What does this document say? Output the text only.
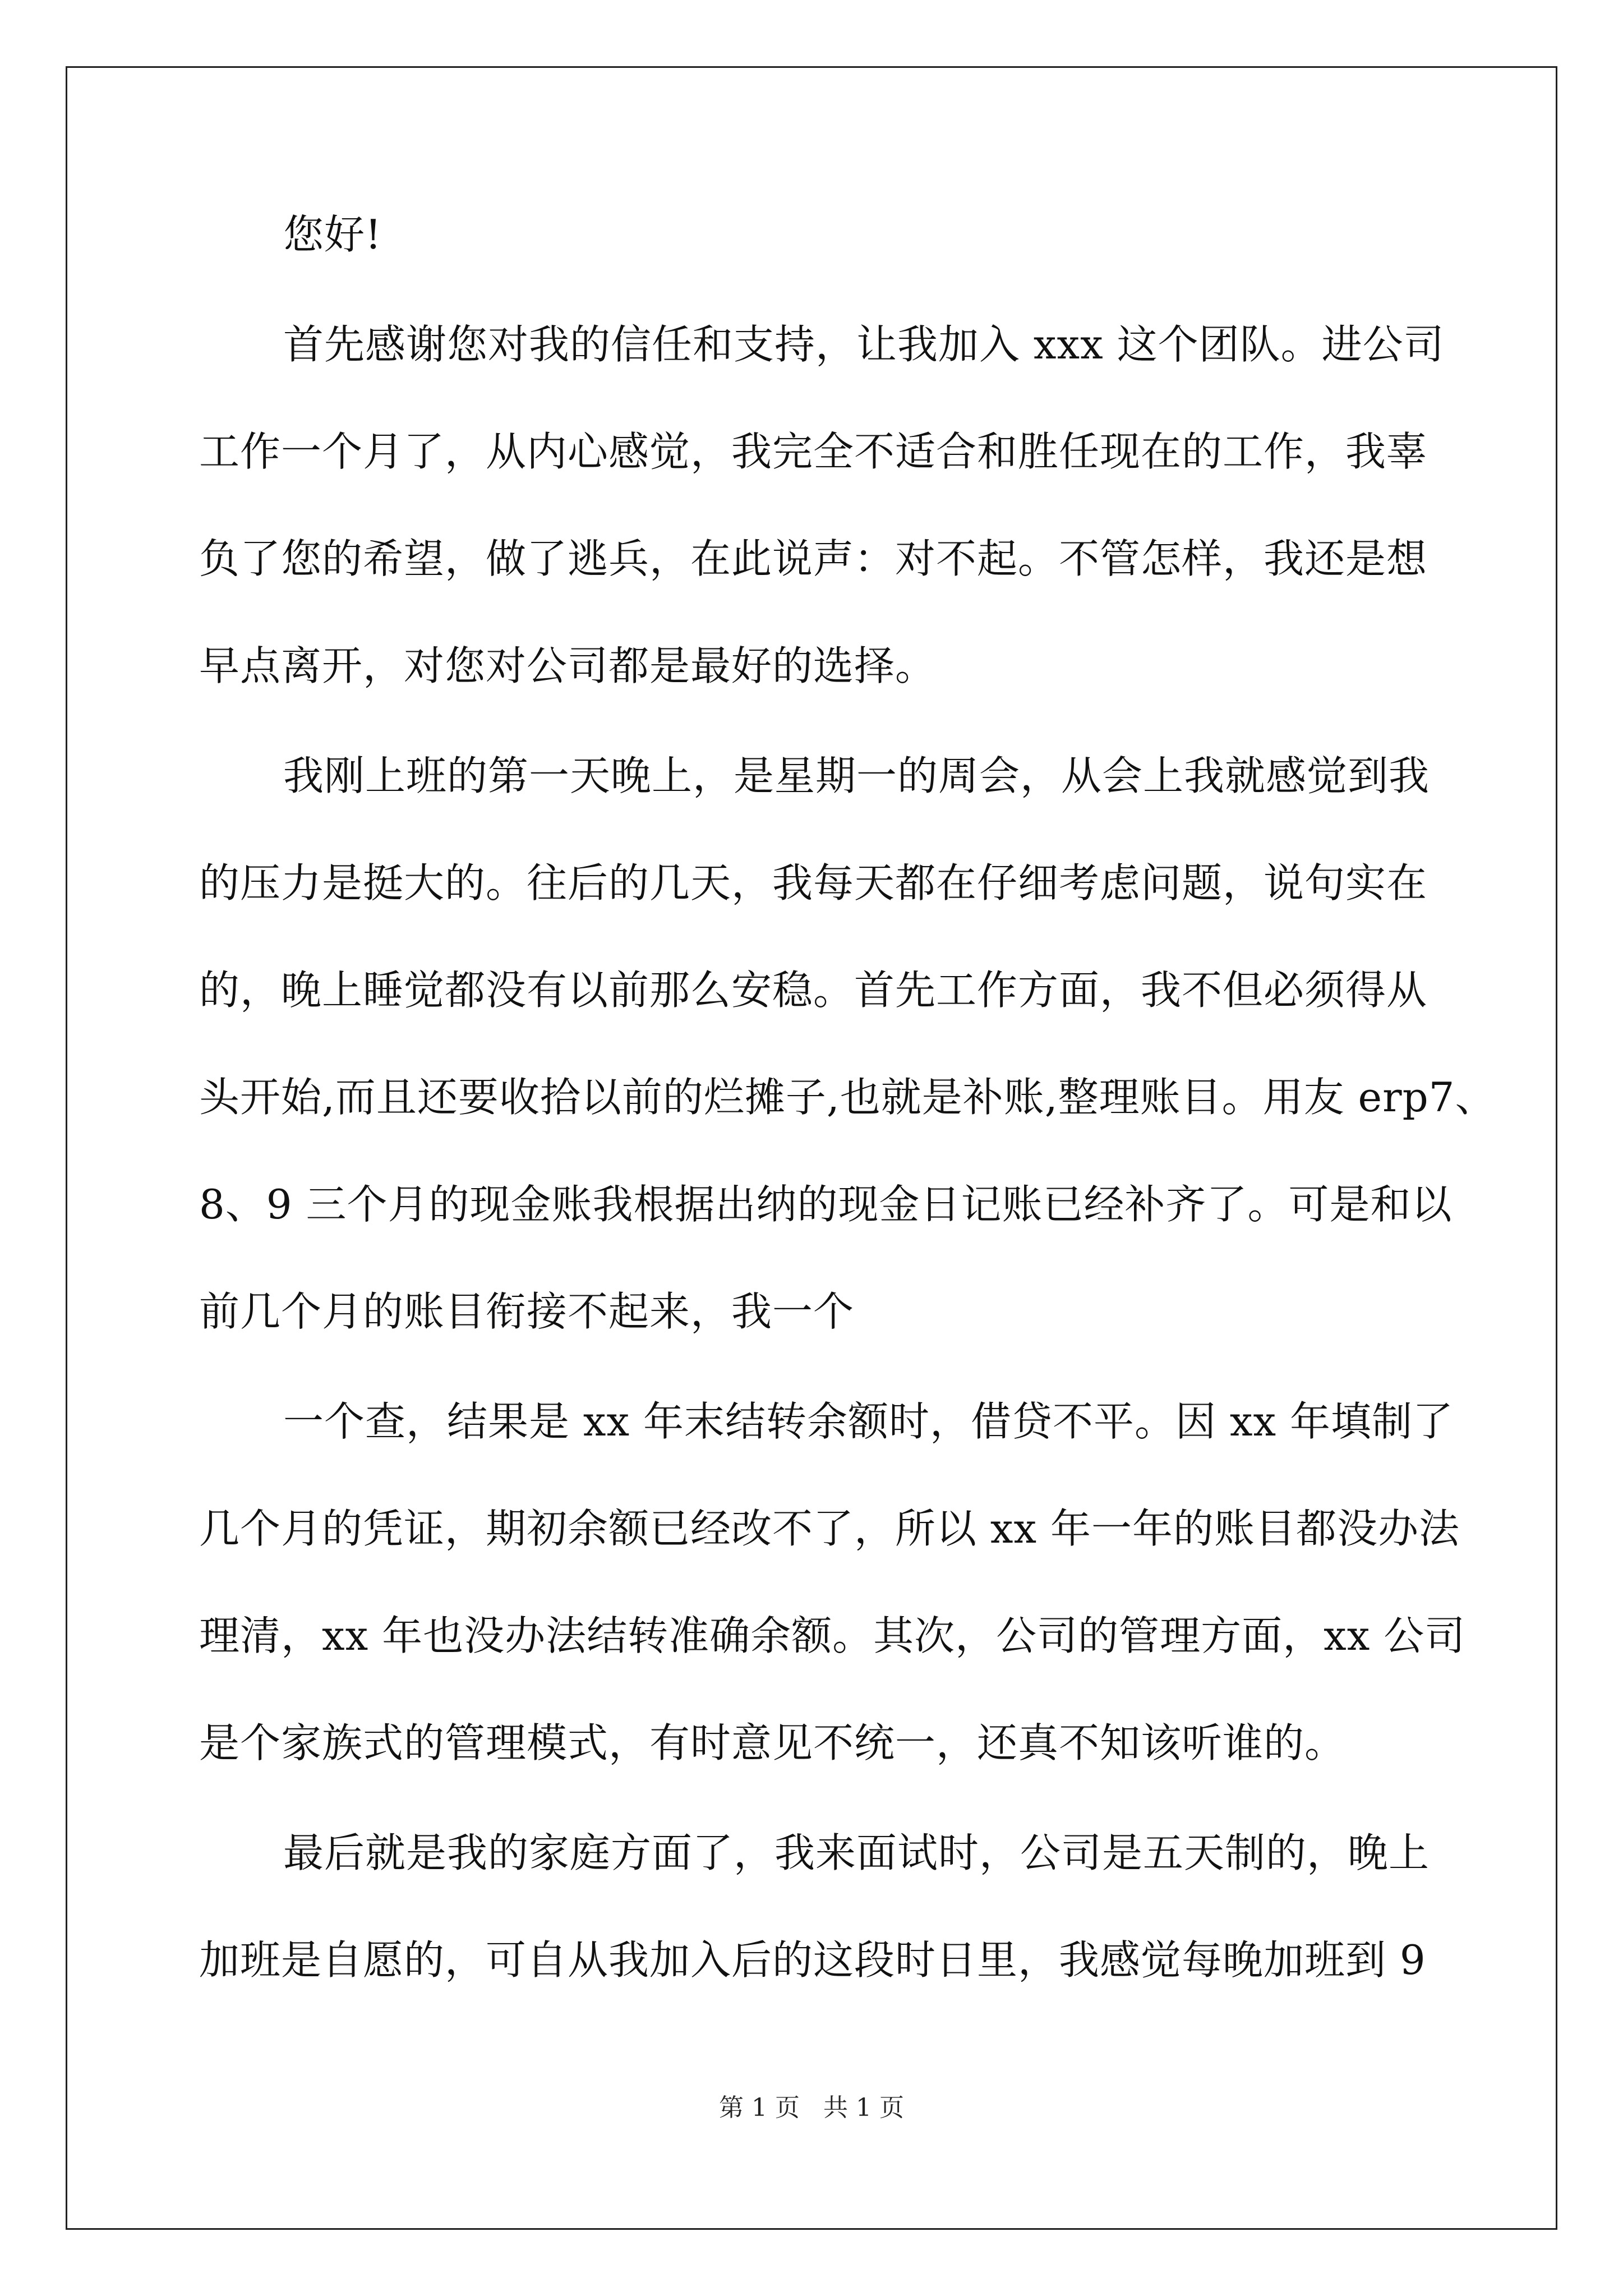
您好!
首先感谢您对我的信任和支持，让我加入 xxx 这个团队。进公司
工作一个月了，从内心感觉，我完全不适合和胜任现在的工作，我辜
负了您的希望，做了逃兵，在此说声：对不起。不管怎样，我还是想
早点离开，对您对公司都是最好的选择。
我刚上班的第一天晚上，是星期一的周会，从会上我就感觉到我
的压力是挺大的。往后的几天，我每天都在仔细考虑问题，说句实在
的，晚上睡觉都没有以前那么安稳。首先工作方面，我不但必须得从
头开始,而且还要收拾以前的烂摊子,也就是补账,整理账目。用友 erp7、
8、9 三个月的现金账我根据出纳的现金日记账已经补齐了。可是和以
前几个月的账目衔接不起来，我一个
一个查，结果是 xx 年末结转余额时，借贷不平。因 xx 年填制了
几个月的凭证，期初余额已经改不了，所以 xx 年一年的账目都没办法
理清，xx 年也没办法结转准确余额。其次，公司的管理方面，xx 公司
是个家族式的管理模式，有时意见不统一，还真不知该听谁的。
最后就是我的家庭方面了，我来面试时，公司是五天制的，晚上
加班是自愿的，可自从我加入后的这段时日里，我感觉每晚加班到 9
第 1 页 共 1 页
